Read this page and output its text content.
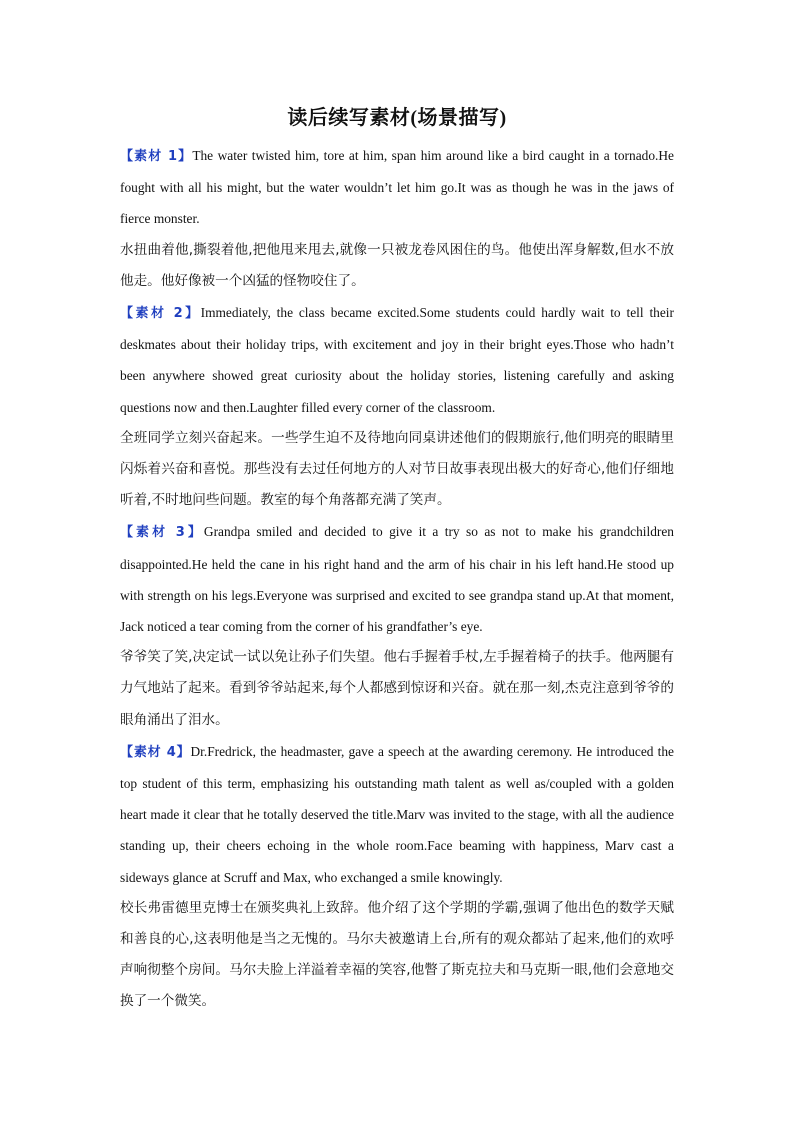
读后续写素材(场景描写)

【素材 1】The water twisted him, tore at him, span him around like a bird caught in a tornado.He fought with all his might, but the water wouldn’t let him go.It was as though he was in the jaws of fierce monster.

水扭曲着他,撕裂着他,把他甩来甩去,就像一只被龙卷风困住的鸟。他使出浑身解数,但水不放他走。他好像被一个凶猛的怪物咬住了。

【素材 2】Immediately, the class became excited.Some students could hardly wait to tell their deskmates about their holiday trips, with excitement and joy in their bright eyes.Those who hadn’t been anywhere showed great curiosity about the holiday stories, listening carefully and asking questions now and then.Laughter filled every corner of the classroom.

全班同学立刻兴奋起来。一些学生迫不及待地向同桌讲述他们的假期旅行,他们明亮的眼睛里闪烁着兴奋和喜悦。那些没有去过任何地方的人对节日故事表现出极大的好奇心,他们仔细地听着,不时地问些问题。教室的每个角落都充满了笑声。

【素材 3】Grandpa smiled and decided to give it a try so as not to make his grandchildren disappointed.He held the cane in his right hand and the arm of his chair in his left hand.He stood up with strength on his legs.Everyone was surprised and excited to see grandpa stand up.At that moment, Jack noticed a tear coming from the corner of his grandfather’s eye.

爷爷笑了笑,决定试一试以免让孙子们失望。他右手握着手杖,左手握着椅子的扶手。他两腿有力气地站了起来。看到爷爷站起来,每个人都感到惊讶和兴奋。就在那一刻,杰克注意到爷爷的眼角涌出了泪水。

【素材 4】Dr.Fredrick, the headmaster, gave a speech at the awarding ceremony. He introduced the top student of this term, emphasizing his outstanding math talent as well as/coupled with a golden heart made it clear that he totally deserved the title.Marv was invited to the stage, with all the audience standing up, their cheers echoing in the whole room.Face beaming with happiness, Marv cast a sideways glance at Scruff and Max, who exchanged a smile knowingly.

校长弗雷德里克博士在颁奖典礼上致辞。他介绍了这个学期的学霸,强调了他出色的数学天赋和善良的心,这表明他是当之无愧的。马尔夫被邀请上台,所有的观众都站了起来,他们的欢呼声响彻整个房间。马尔夫脸上洋溢着幸福的笑容,他瞥了斯克拉夫和马克斯一眼,他们会意地交换了一个微笑。
